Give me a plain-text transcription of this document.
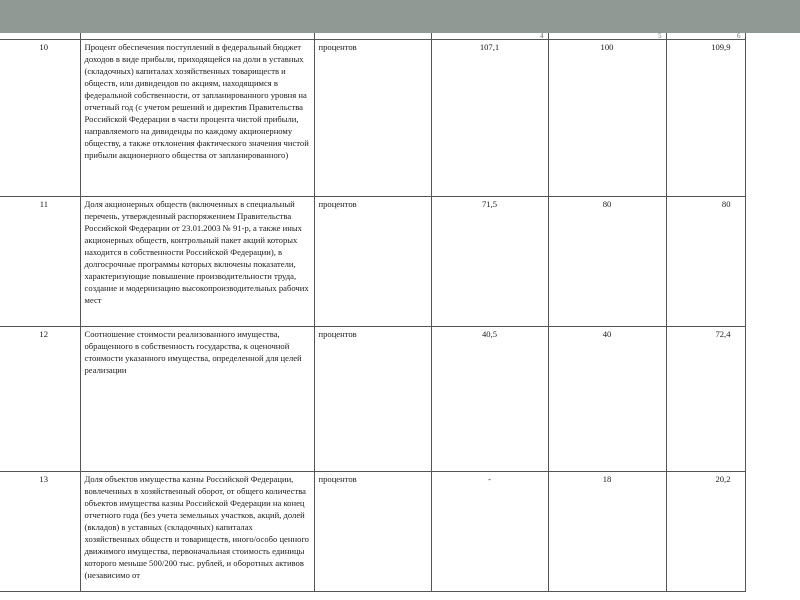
			4	5	6
10	Процент обеспечения поступлений в федеральный бюджет доходов в виде прибыли, приходящейся на доли в уставных (складочных) капиталах хозяйственных товариществ и обществ, или дивидендов по акциям, находящимся в федеральной собственности, от запланированного уровня на отчетный год (с учетом решений и директив Правительства Российской Федерации в части процента чистой прибыли, направляемого на дивиденды по каждому акционерному обществу, а также отклонения фактического значения чистой прибыли акционерного общества от запланированного)	процентов	107,1	100	109,9
11	Доля акционерных обществ (включенных в специальный перечень, утвержденный распоряжением Правительства Российской Федерации от 23.01.2003 № 91-р, а также иных акционерных обществ, контрольный пакет акций которых находится в собственности Российской Федерации), в долгосрочные программы которых включены показатели, характеризующие повышение производительности труда, создание и модернизацию высокопроизводительных рабочих мест	процентов	71,5	80	80
12	Соотношение стоимости реализованного имущества, обращенного в собственность государства, к оценочной стоимости указанного имущества, определенной для целей реализации	процентов	40,5	40	72,4
13	Доля объектов имущества казны Российской Федерации, вовлеченных в хозяйственный оборот, от общего количества объектов имущества казны Российской Федерации на конец отчетного года (без учета земельных участков, акций, долей (вкладов) в уставных (складочных) капиталах хозяйственных обществ и товариществ, иного/особо ценного движимого имущества, первоначальная стоимость единицы которого меньше 500/200 тыс. рублей, и оборотных активов (независимо от	процентов	-	18	20,2
